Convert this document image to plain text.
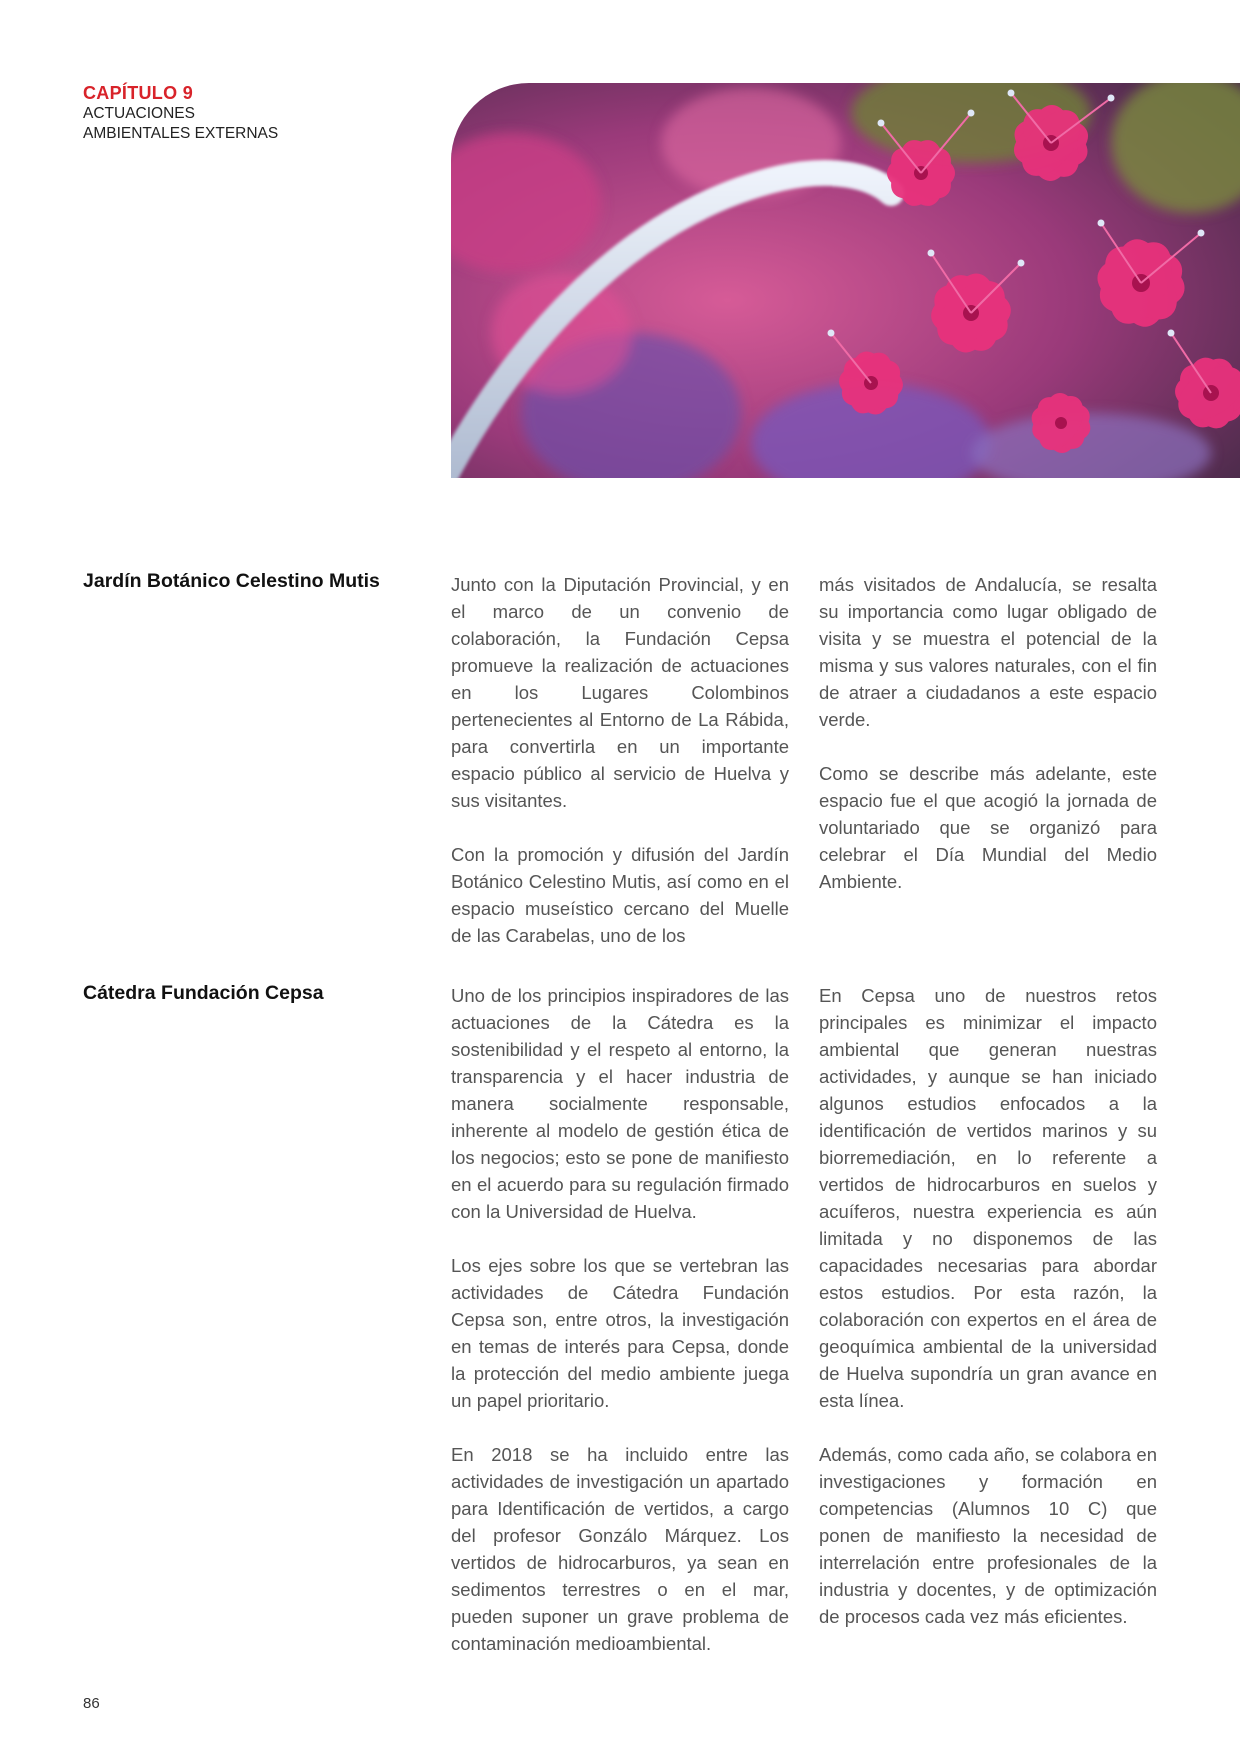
CAPÍTULO 9
ACTUACIONES
AMBIENTALES EXTERNAS
Jardín Botánico Celestino Mutis	Junto con la Diputación Provincial, y en el marco de un convenio de colaboración, la Fundación Cepsa promueve la realización de actuaciones en los Lugares Colombinos pertenecientes al Entorno de La Rábida, para convertirla en un importante espacio público al servicio de Huelva y sus visitantes.

Con la promoción y difusión del Jardín Botánico Celestino Mutis, así como en el espacio museístico cercano del Muelle de las Carabelas, uno de los

más visitados de Andalucía, se resalta su importancia como lugar obligado de visita y se muestra el potencial de la misma y sus valores naturales, con el fin de atraer a ciudadanos a este espacio verde.

Como se describe más adelante, este espacio fue el que acogió la jornada de voluntariado que se organizó para celebrar el Día Mundial del Medio Ambiente.

Cátedra Fundación Cepsa	Uno de los principios inspiradores de las actuaciones de la Cátedra es la sostenibilidad y el respeto al entorno, la transparencia y el hacer industria de manera socialmente responsable, inherente al modelo de gestión ética de los negocios; esto se pone de manifiesto en el acuerdo para su regulación firmado con la Universidad de Huelva.

Los ejes sobre los que se vertebran las actividades de Cátedra Fundación Cepsa son, entre otros, la investigación en temas de interés para Cepsa, donde la protección del medio ambiente juega un papel prioritario.

En 2018 se ha incluido entre las actividades de investigación un apartado para Identificación de vertidos, a cargo del profesor Gonzálo Márquez. Los vertidos de hidrocarburos, ya sean en sedimentos terrestres o en el mar, pueden suponer un grave problema de contaminación medioambiental.

En Cepsa uno de nuestros retos principales es minimizar el impacto ambiental que generan nuestras actividades, y aunque se han iniciado algunos estudios enfocados a la identificación de vertidos marinos y su biorremediación, en lo referente a vertidos de hidrocarburos en suelos y acuíferos, nuestra experiencia es aún limitada y no disponemos de las capacidades necesarias para abordar estos estudios. Por esta razón, la colaboración con expertos en el área de geoquímica ambiental de la universidad de Huelva supondría un gran avance en esta línea.

Además, como cada año, se colabora en investigaciones y formación en competencias (Alumnos 10 C) que ponen de manifiesto la necesidad de interrelación entre profesionales de la industria y docentes, y de optimización de procesos cada vez más eficientes.

86
